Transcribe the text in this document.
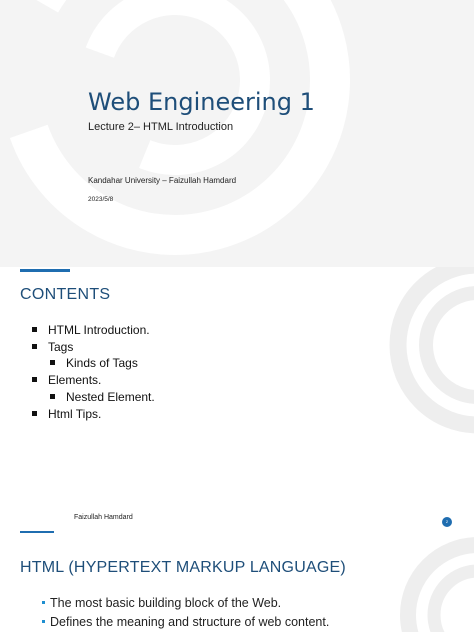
Web Engineering 1
Lecture 2– HTML Introduction
Kandahar University – Faizullah Hamdard
2023/5/8
CONTENTS
HTML Introduction.
Tags
Kinds of Tags
Elements.
Nested Element.
Html Tips.
Faizullah Hamdard
2
HTML (HYPERTEXT MARKUP LANGUAGE)
The most basic building block of the Web.
Defines the meaning and structure of web content.
